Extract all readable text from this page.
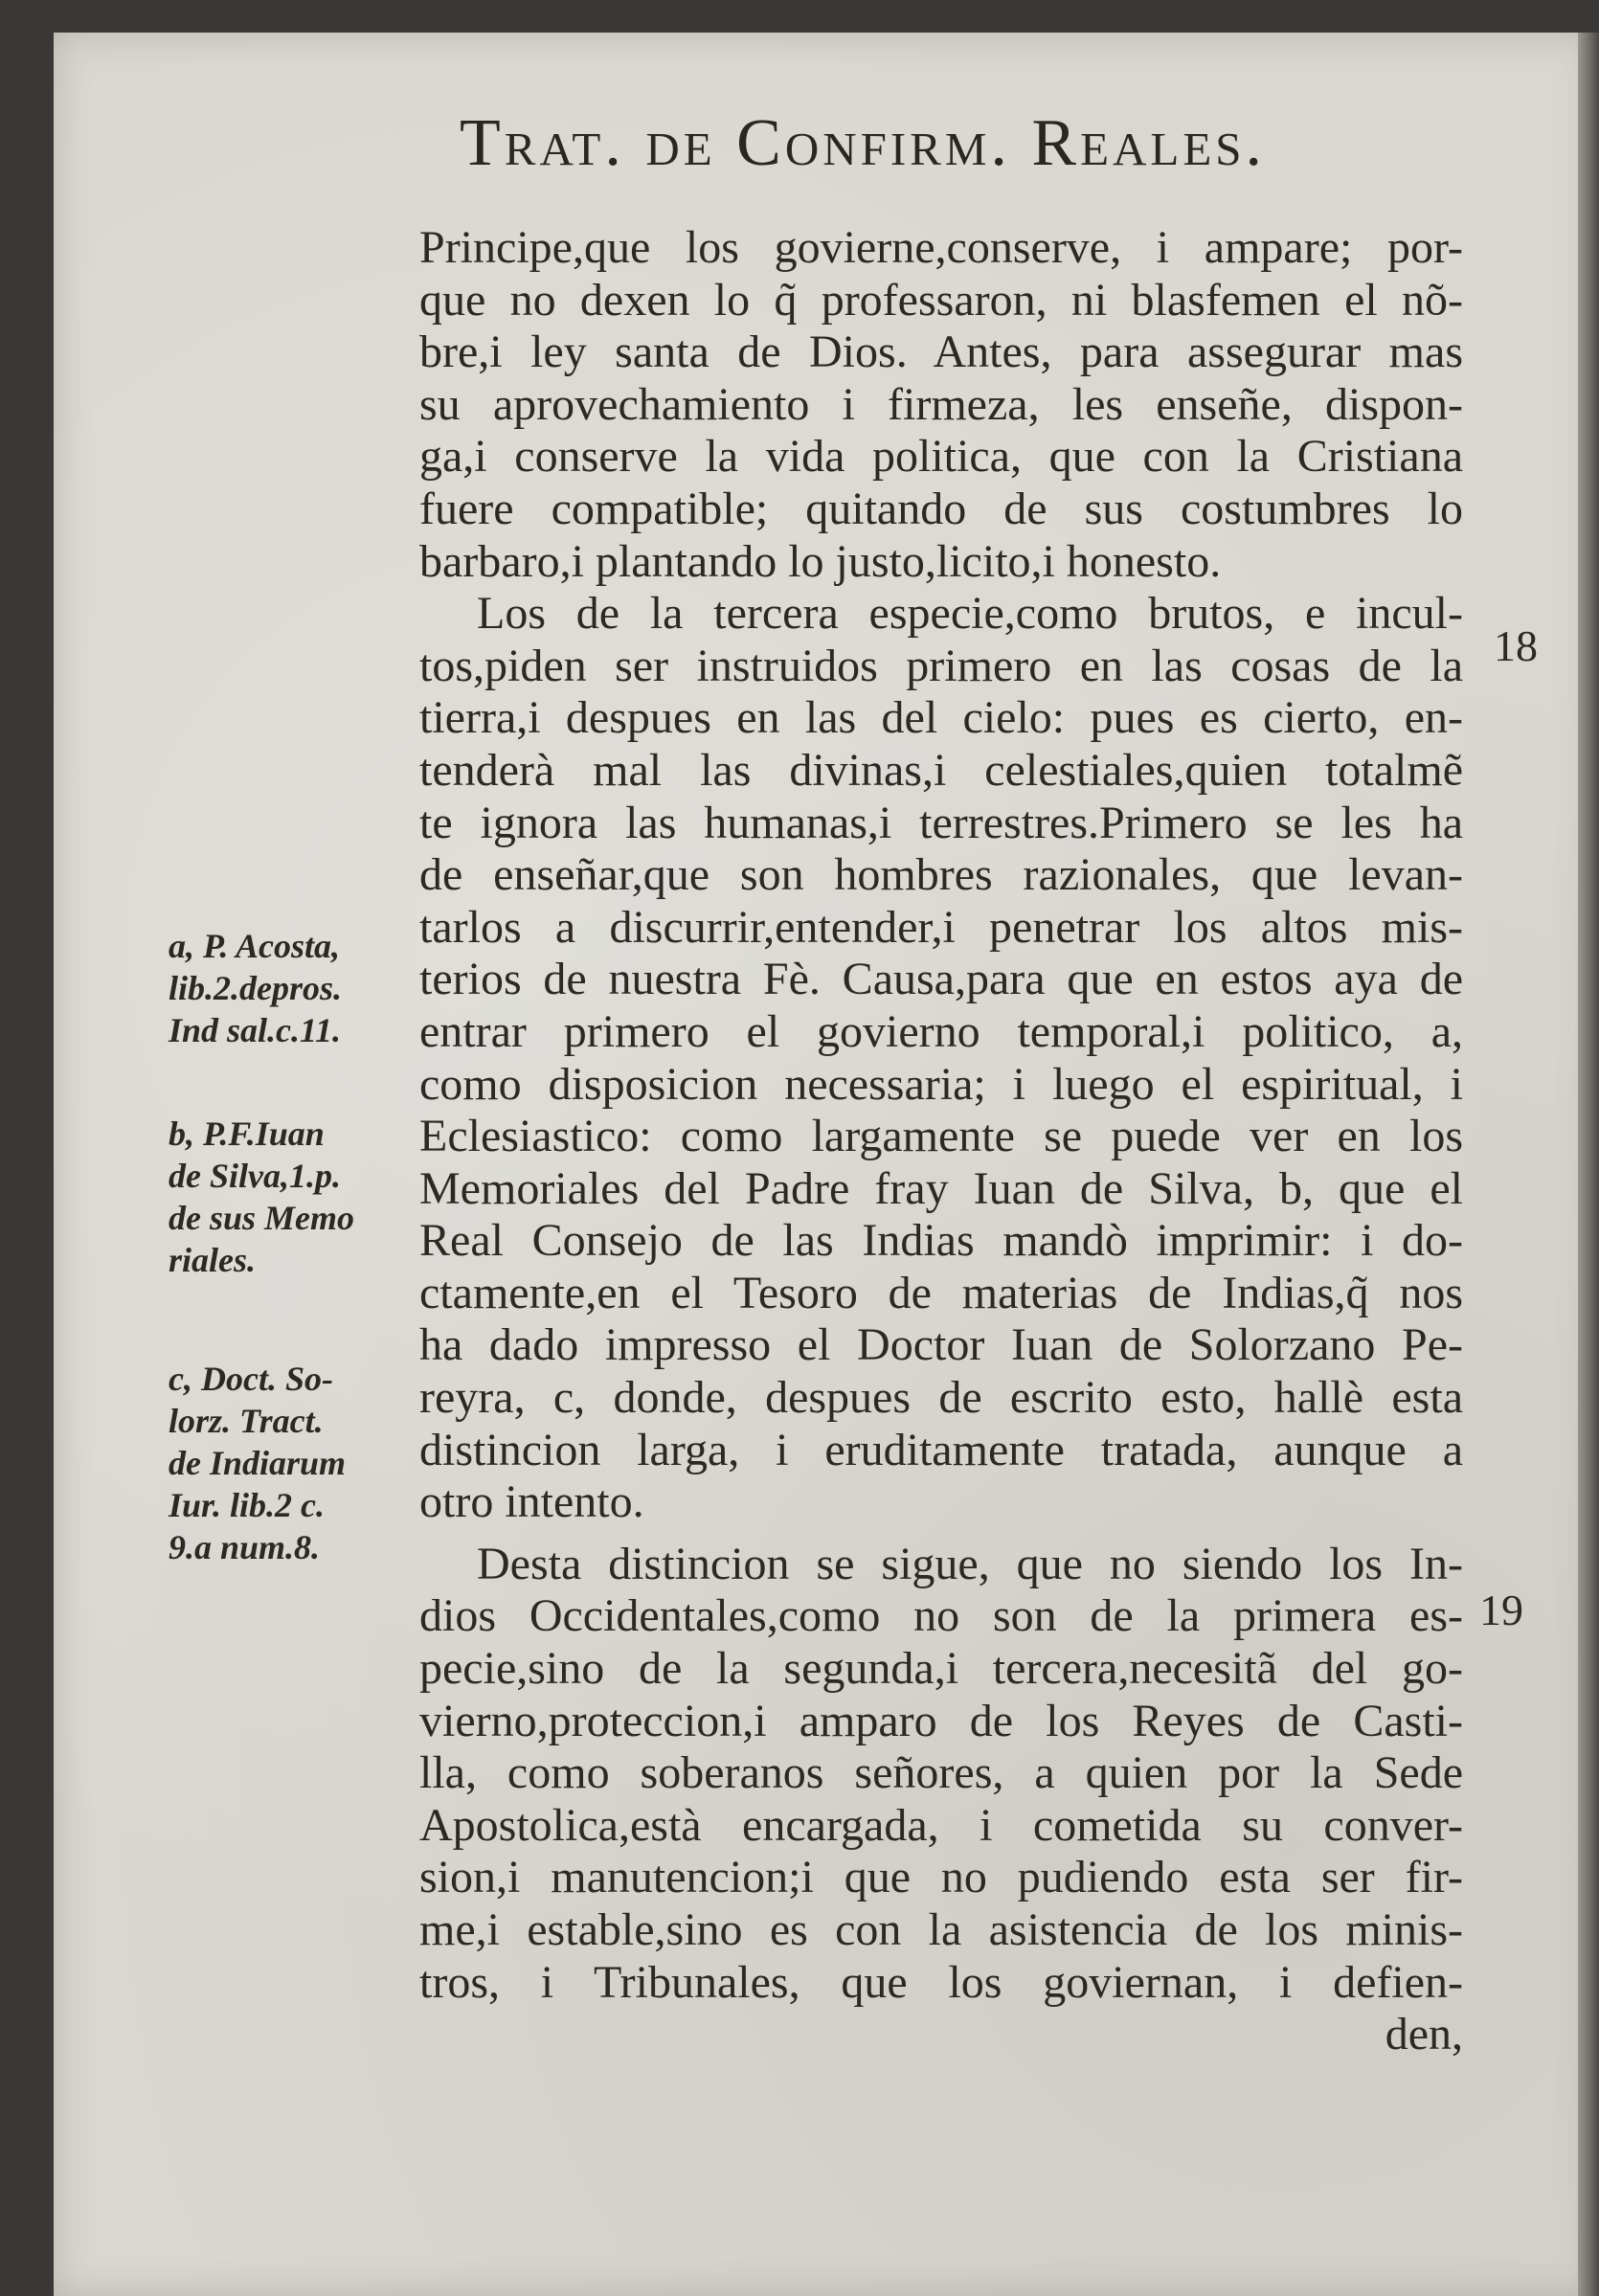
Trat. de Confirm. Reales.
Principe,que los govierne,conserve, i ampare; por-
que no dexen lo q̃ professaron, ni blasfemen el nõ-
bre,i ley santa de Dios. Antes, para assegurar mas
su aprovechamiento i firmeza, les enseñe, dispon-
ga,i conserve la vida politica, que con la Cristiana
fuere compatible; quitando de sus costumbres lo
barbaro,i plantando lo justo,licito,i honesto.
Los de la tercera especie,como brutos, e incul-
tos,piden ser instruidos primero en las cosas de la
tierra,i despues en las del cielo: pues es cierto, en-
tenderà mal las divinas,i celestiales,quien totalmẽ
te ignora las humanas,i terrestres.Primero se les ha
de enseñar,que son hombres razionales, que levan-
tarlos a discurrir,entender,i penetrar los altos mis-
terios de nuestra Fè. Causa,para que en estos aya de
entrar primero el govierno temporal,i politico, a,
como disposicion necessaria; i luego el espiritual, i
Eclesiastico: como largamente se puede ver en los
Memoriales del Padre fray Iuan de Silva, b, que el
Real Consejo de las Indias mandò imprimir: i do-
ctamente,en el Tesoro de materias de Indias,q̃ nos
ha dado impresso el Doctor Iuan de Solorzano Pe-
reyra, c, donde, despues de escrito esto, hallè esta
distincion larga, i eruditamente tratada, aunque a
otro intento.
Desta distincion se sigue, que no siendo los In-
dios Occidentales,como no son de la primera es-
pecie,sino de la segunda,i tercera,necesitã del go-
vierno,proteccion,i amparo de los Reyes de Casti-
lla, como soberanos señores, a quien por la Sede
Apostolica,està encargada, i cometida su conver-
sion,i manutencion;i que no pudiendo esta ser fir-
me,i estable,sino es con la asistencia de los minis-
tros, i Tribunales, que los goviernan, i defien-
den,
18
19
a, P. Acosta,
lib.2.depros.
Ind sal.c.11.
b, P.F.Iuan
de Silva,1.p.
de sus Memo
riales.
c, Doct. So-
lorz. Tract.
de Indiarum
Iur. lib.2 c.
9.a num.8.
